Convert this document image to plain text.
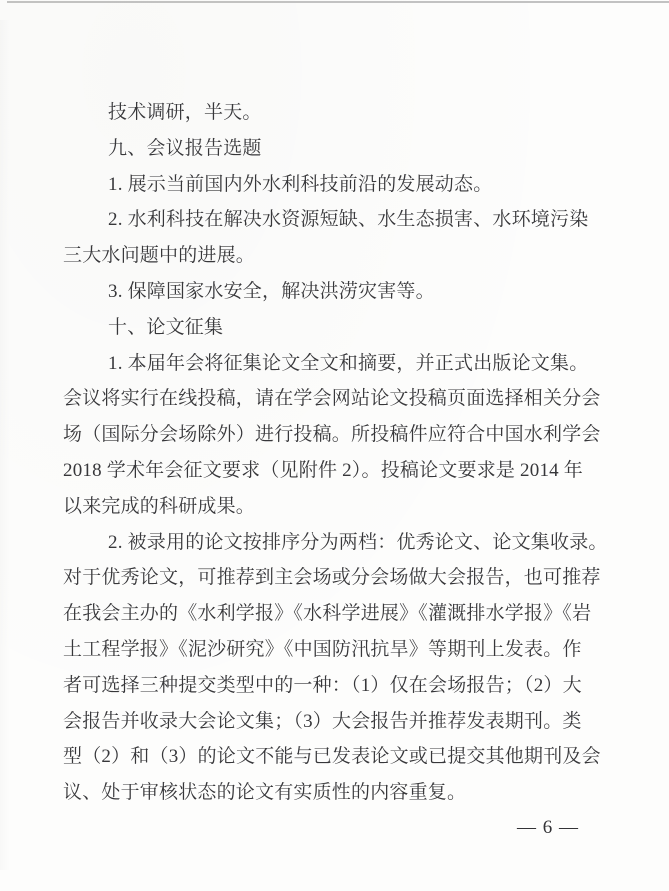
技术调研，半天。
九、会议报告选题
1. 展示当前国内外水利科技前沿的发展动态。
2. 水利科技在解决水资源短缺、水生态损害、水环境污染
三大水问题中的进展。
3. 保障国家水安全，解决洪涝灾害等。
十、论文征集
1. 本届年会将征集论文全文和摘要，并正式出版论文集。
会议将实行在线投稿，请在学会网站论文投稿页面选择相关分会
场（国际分会场除外）进行投稿。所投稿件应符合中国水利学会
2018 学术年会征文要求（见附件 2）。投稿论文要求是 2014 年
以来完成的科研成果。
2. 被录用的论文按排序分为两档：优秀论文、论文集收录。
对于优秀论文，可推荐到主会场或分会场做大会报告，也可推荐
在我会主办的《水利学报》《水科学进展》《灌溉排水学报》《岩
土工程学报》《泥沙研究》《中国防汛抗旱》等期刊上发表。作
者可选择三种提交类型中的一种：（1）仅在会场报告；（2）大
会报告并收录大会论文集；（3）大会报告并推荐发表期刊。类
型（2）和（3）的论文不能与已发表论文或已提交其他期刊及会
议、处于审核状态的论文有实质性的内容重复。
— 6 —
